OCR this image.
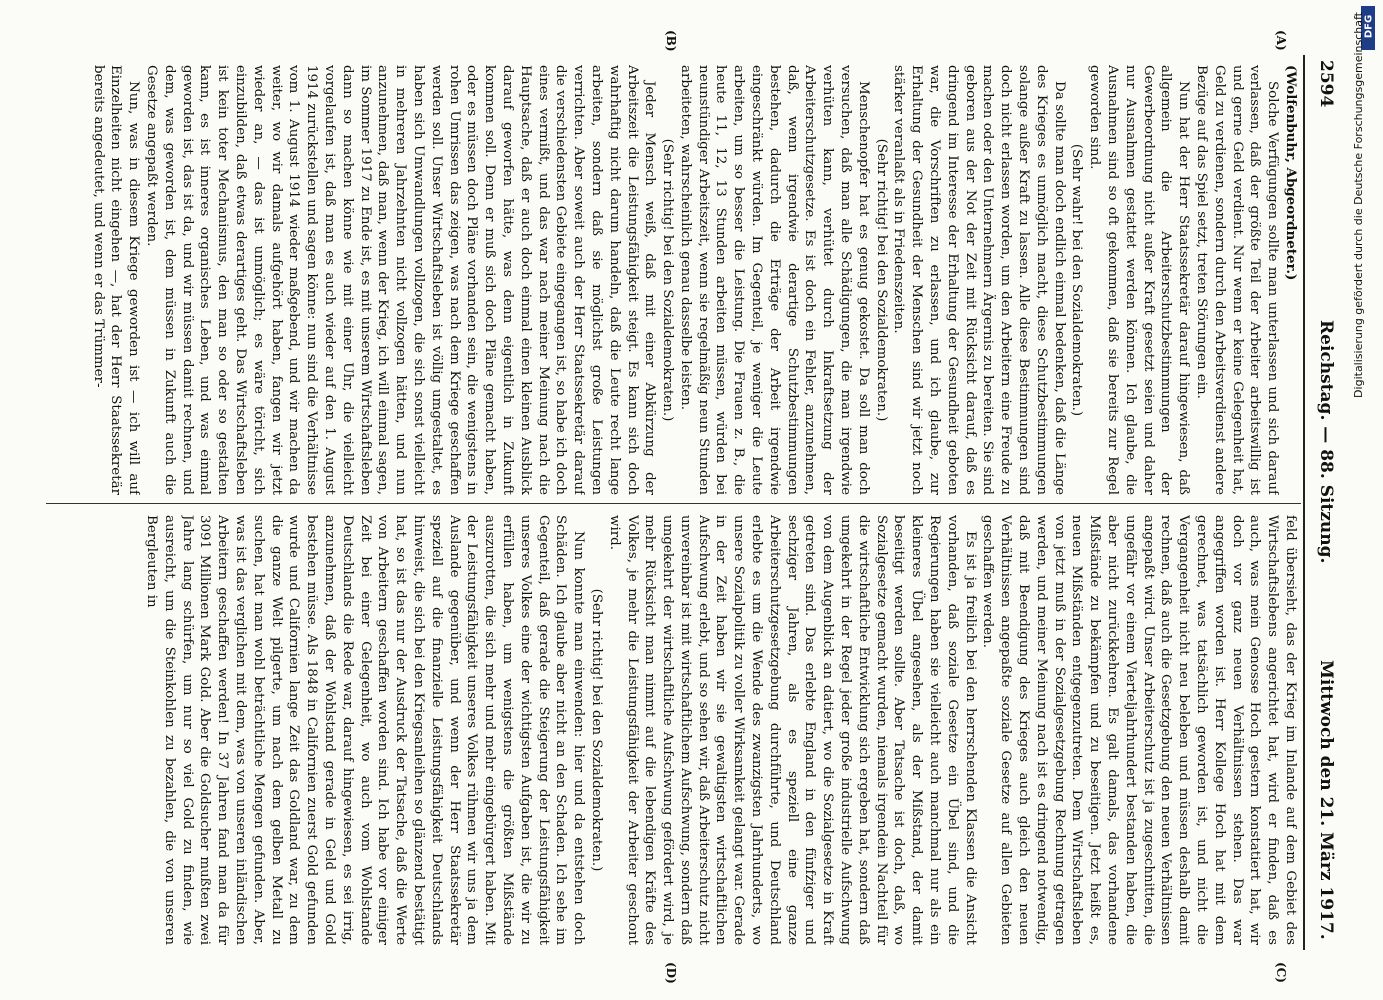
2594
Reichstag. — 88. Sitzung.
Mittwoch den 21. März 1917.
(A)
(B)
(C)
(D)

(Wolfenbuhr, Abgeordneter.)

Solche Verfügungen sollte man unterlassen und sich darauf verlassen, daß der größte Teil der Arbeiter arbeitswillig ist und gerne Geld verdient. Nur wenn er keine Gelegenheit hat, Geld zu verdienen, sondern durch den Arbeitsverdienst andere Bezüge auf das Spiel setzt, treten Störungen ein.

Nun hat der Herr Staatssekretär darauf hingewiesen, daß allgemein die Arbeiterschutzbestimmungen der Gewerbeordnung nicht außer Kraft gesetzt seien und daher nur Ausnahmen gestattet werden können. Ich glaube, die Ausnahmen sind so oft gekommen, daß sie bereits zur Regel geworden sind.

(Sehr wahr! bei den Sozialdemokraten.)

Da sollte man doch endlich einmal bedenken, daß die Länge des Krieges es unmöglich macht, diese Schutzbestimmungen solange außer Kraft zu lassen. Alle diese Bestimmungen sind doch nicht erlassen worden, um den Arbeitern eine Freude zu machen oder den Unternehmern Ärgernis zu bereiten. Sie sind geboren aus der Not der Zeit mit Rücksicht darauf, daß es dringend im Interesse der Erhaltung der Gesundheit geboten war, die Vorschriften zu erlassen, und ich glaube, zur Erhaltung der Gesundheit der Menschen sind wir jetzt noch stärker veranlaßt als in Friedenszeiten.

(Sehr richtig! bei den Sozialdemokraten.)

Menschenopfer hat es genug gekostet. Da soll man doch versuchen, daß man alle Schädigungen, die man irgendwie verhüten kann, verhütet durch Inkraftsetzung der Arbeiterschutzgesetze. Es ist doch ein Fehler, anzunehmen, daß, wenn irgendwie derartige Schutzbestimmungen bestehen, dadurch die Erträge der Arbeit irgendwie eingeschränkt würden. Im Gegenteil, je weniger die Leute arbeiten, um so besser die Leistung. Die Frauen z. B., die heute 11, 12, 13 Stunden arbeiten müssen, würden bei neunstündiger Arbeitszeit, wenn sie regelmäßig neun Stunden arbeiteten, wahrscheinlich genau dasselbe leisten.

(Sehr richtig! bei den Sozialdemokraten.)

Jeder Mensch weiß, daß mit einer Abkürzung der Arbeitszeit die Leistungsfähigkeit steigt. Es kann sich doch wahrhaftig nicht darum handeln, daß die Leute recht lange arbeiten, sondern daß sie möglichst große Leistungen verrichten. Aber soweit auch der Herr Staatssekretär darauf die verschiedensten Gebiete eingegangen ist, so habe ich doch eines vermißt, und das war nach meiner Meinung nach die Hauptsache, daß er auch doch einmal einen kleinen Ausblick darauf geworfen hätte, was denn eigentlich in Zukunft kommen soll. Denn er muß sich doch Pläne gemacht haben, oder es müssen doch Pläne vorhanden sein, die wenigstens in rohen Umrissen das zeigen, was nach dem Kriege geschaffen werden soll. Unser Wirtschaftsleben ist völlig umgestaltet, es haben sich Umwandlungen vollzogen, die sich sonst vielleicht in mehreren Jahrzehnten nicht vollzogen hätten, und nun anzunehmen, daß man, wenn der Krieg, ich will einmal sagen, im Sommer 1917 zu Ende ist, es mit unserem Wirtschaftsleben dann so machen könne wie mit einer Uhr, die vielleicht vorgelaufen ist, daß man es auch wieder auf den 1. August 1914 zurückstellen und sagen könne: nun sind die Verhältnisse vom 1. August 1914 wieder maßgebend, und wir machen da weiter, wo wir damals aufgehört haben, fangen wir jetzt wieder an, — das ist unmöglich; es wäre töricht, sich einzubilden, daß etwas derartiges geht. Das Wirtschaftsleben ist kein toter Mechanismus, den man so oder so gestalten kann, es ist inneres organisches Leben, und was einmal geworden ist, das ist da, und wir müssen damit rechnen, und dem, was geworden ist, dem müssen in Zukunft auch die Gesetze angepaßt werden.

Nun, was in diesem Kriege geworden ist — ich will auf Einzelheiten nicht eingehen —, hat der Herr Staatssekretär bereits angedeutet, und wenn er das Trümmer-

feld übersieht, das der Krieg im Inlande auf dem Gebiet des Wirtschaftslebens angerichtet hat, wird er finden, daß es auch, was mein Genosse Hoch gestern konstatiert hat, wir doch vor ganz neuen Verhältnissen stehen. Das war angegriffen worden ist. Herr Kollege Hoch hat mit dem gerechnet, was tatsächlich geworden ist, und nicht die Vergangenheit nicht neu beleben und müssen deshalb damit rechnen, daß auch die Gesetzgebung den neuen Verhältnissen angepaßt wird. Unser Arbeiterschutz ist ja zugeschnitten, die ungefähr vor einem Vierteljahrhundert bestanden haben, die aber nicht zurückkehren. Es galt damals, das vorhandene Mißstände zu bekämpfen und zu beseitigen. Jetzt heißt es, neuen Mißständen entgegenzutreten. Dem Wirtschaftsleben von jetzt muß in der Sozialgesetzgebung Rechnung getragen werden, und meiner Meinung nach ist es dringend notwendig, daß mit Beendigung des Krieges auch gleich den neuen Verhältnissen angepaßte soziale Gesetze auf allen Gebieten geschaffen werden.

Es ist ja freilich bei den herrschenden Klassen die Ansicht vorhanden, daß soziale Gesetze ein Übel sind, und die Regierungen haben sie vielleicht auch manchmal nur als ein kleineres Übel angesehen, als der Mißstand, der damit beseitigt werden sollte. Aber Tatsache ist doch, daß, wo Sozialgesetze gemacht wurden, niemals irgendein Nachteil für die wirtschaftliche Entwicklung sich ergeben hat, sondern daß umgekehrt in der Regel jeder große industrielle Aufschwung von dem Augenblick an datiert, wo die Sozialgesetze in Kraft getreten sind. Das erlebte England in den fünfziger und sechziger Jahren, als es speziell eine ganze Arbeiterschutzgesetzgebung durchführte, und Deutschland erlebte es um die Wende des zwanzigsten Jahrhunderts, wo unsere Sozialpolitik zu voller Wirksamkeit gelangt war. Gerade in der Zeit haben wir sie gewaltigsten wirtschaftlichen Aufschwung erlebt, und so sehen wir, daß Arbeiterschutz nicht unvereinbar ist mit wirtschaftlichem Aufschwung, sondern daß umgekehrt der wirtschaftliche Aufschwung gefördert wird, je mehr Rücksicht man nimmt auf die lebendigen Kräfte des Volkes, je mehr die Leistungsfähigkeit der Arbeiter geschont wird.

(Sehr richtig! bei den Sozialdemokraten.)

Nun konnte man einwenden: hier und da entstehen doch Schäden. Ich glaube aber nicht an den Schaden. Ich sehe im Gegenteil, daß gerade die Steigerung der Leistungsfähigkeit unseres Volkes eine der wichtigsten Aufgaben ist, die wir zu erfüllen haben, um wenigstens die größten Mißstände auszurotten, die sich mehr und mehr eingebürgert haben. Mit der Leistungsfähigkeit unseres Volkes rühmen wir uns ja dem Auslande gegenüber, und wenn der Herr Staatssekretär speziell auf die finanzielle Leistungsfähigkeit Deutschlands hinweist, die sich bei den Kriegsanleihen so glänzend bestätigt hat, so ist das nur der Ausdruck der Tatsache, daß die Werte von Arbeitern geschaffen worden sind. Ich habe vor einiger Zeit bei einer Gelegenheit, wo auch vom Wohlstande Deutschlands die Rede war, darauf hingewiesen, es sei irrig, anzunehmen, daß der Wohlstand gerade in Geld und Gold bestehen müsse. Als 1848 in Californien zuerst Gold gefunden wurde und Californien lange Zeit das Goldland war, zu dem die ganze Welt pilgerte, um nach dem gelben Metall zu suchen, hat man wohl beträchtliche Mengen gefunden. Aber, was ist das verglichen mit dem, was von unseren inländischen Arbeitern geschaffen werden! In 37 Jahren fand man da für 3091 Millionen Mark Gold. Aber die Goldsucher mußten zwei Jahre lang schürfen, um nur so viel Gold zu finden, wie ausreicht, um die Steinkohlen zu bezahlen, die von unseren Bergleuten in

DFG
Digitalisierung gefördert durch die Deutsche Forschungsgemeinschaft
